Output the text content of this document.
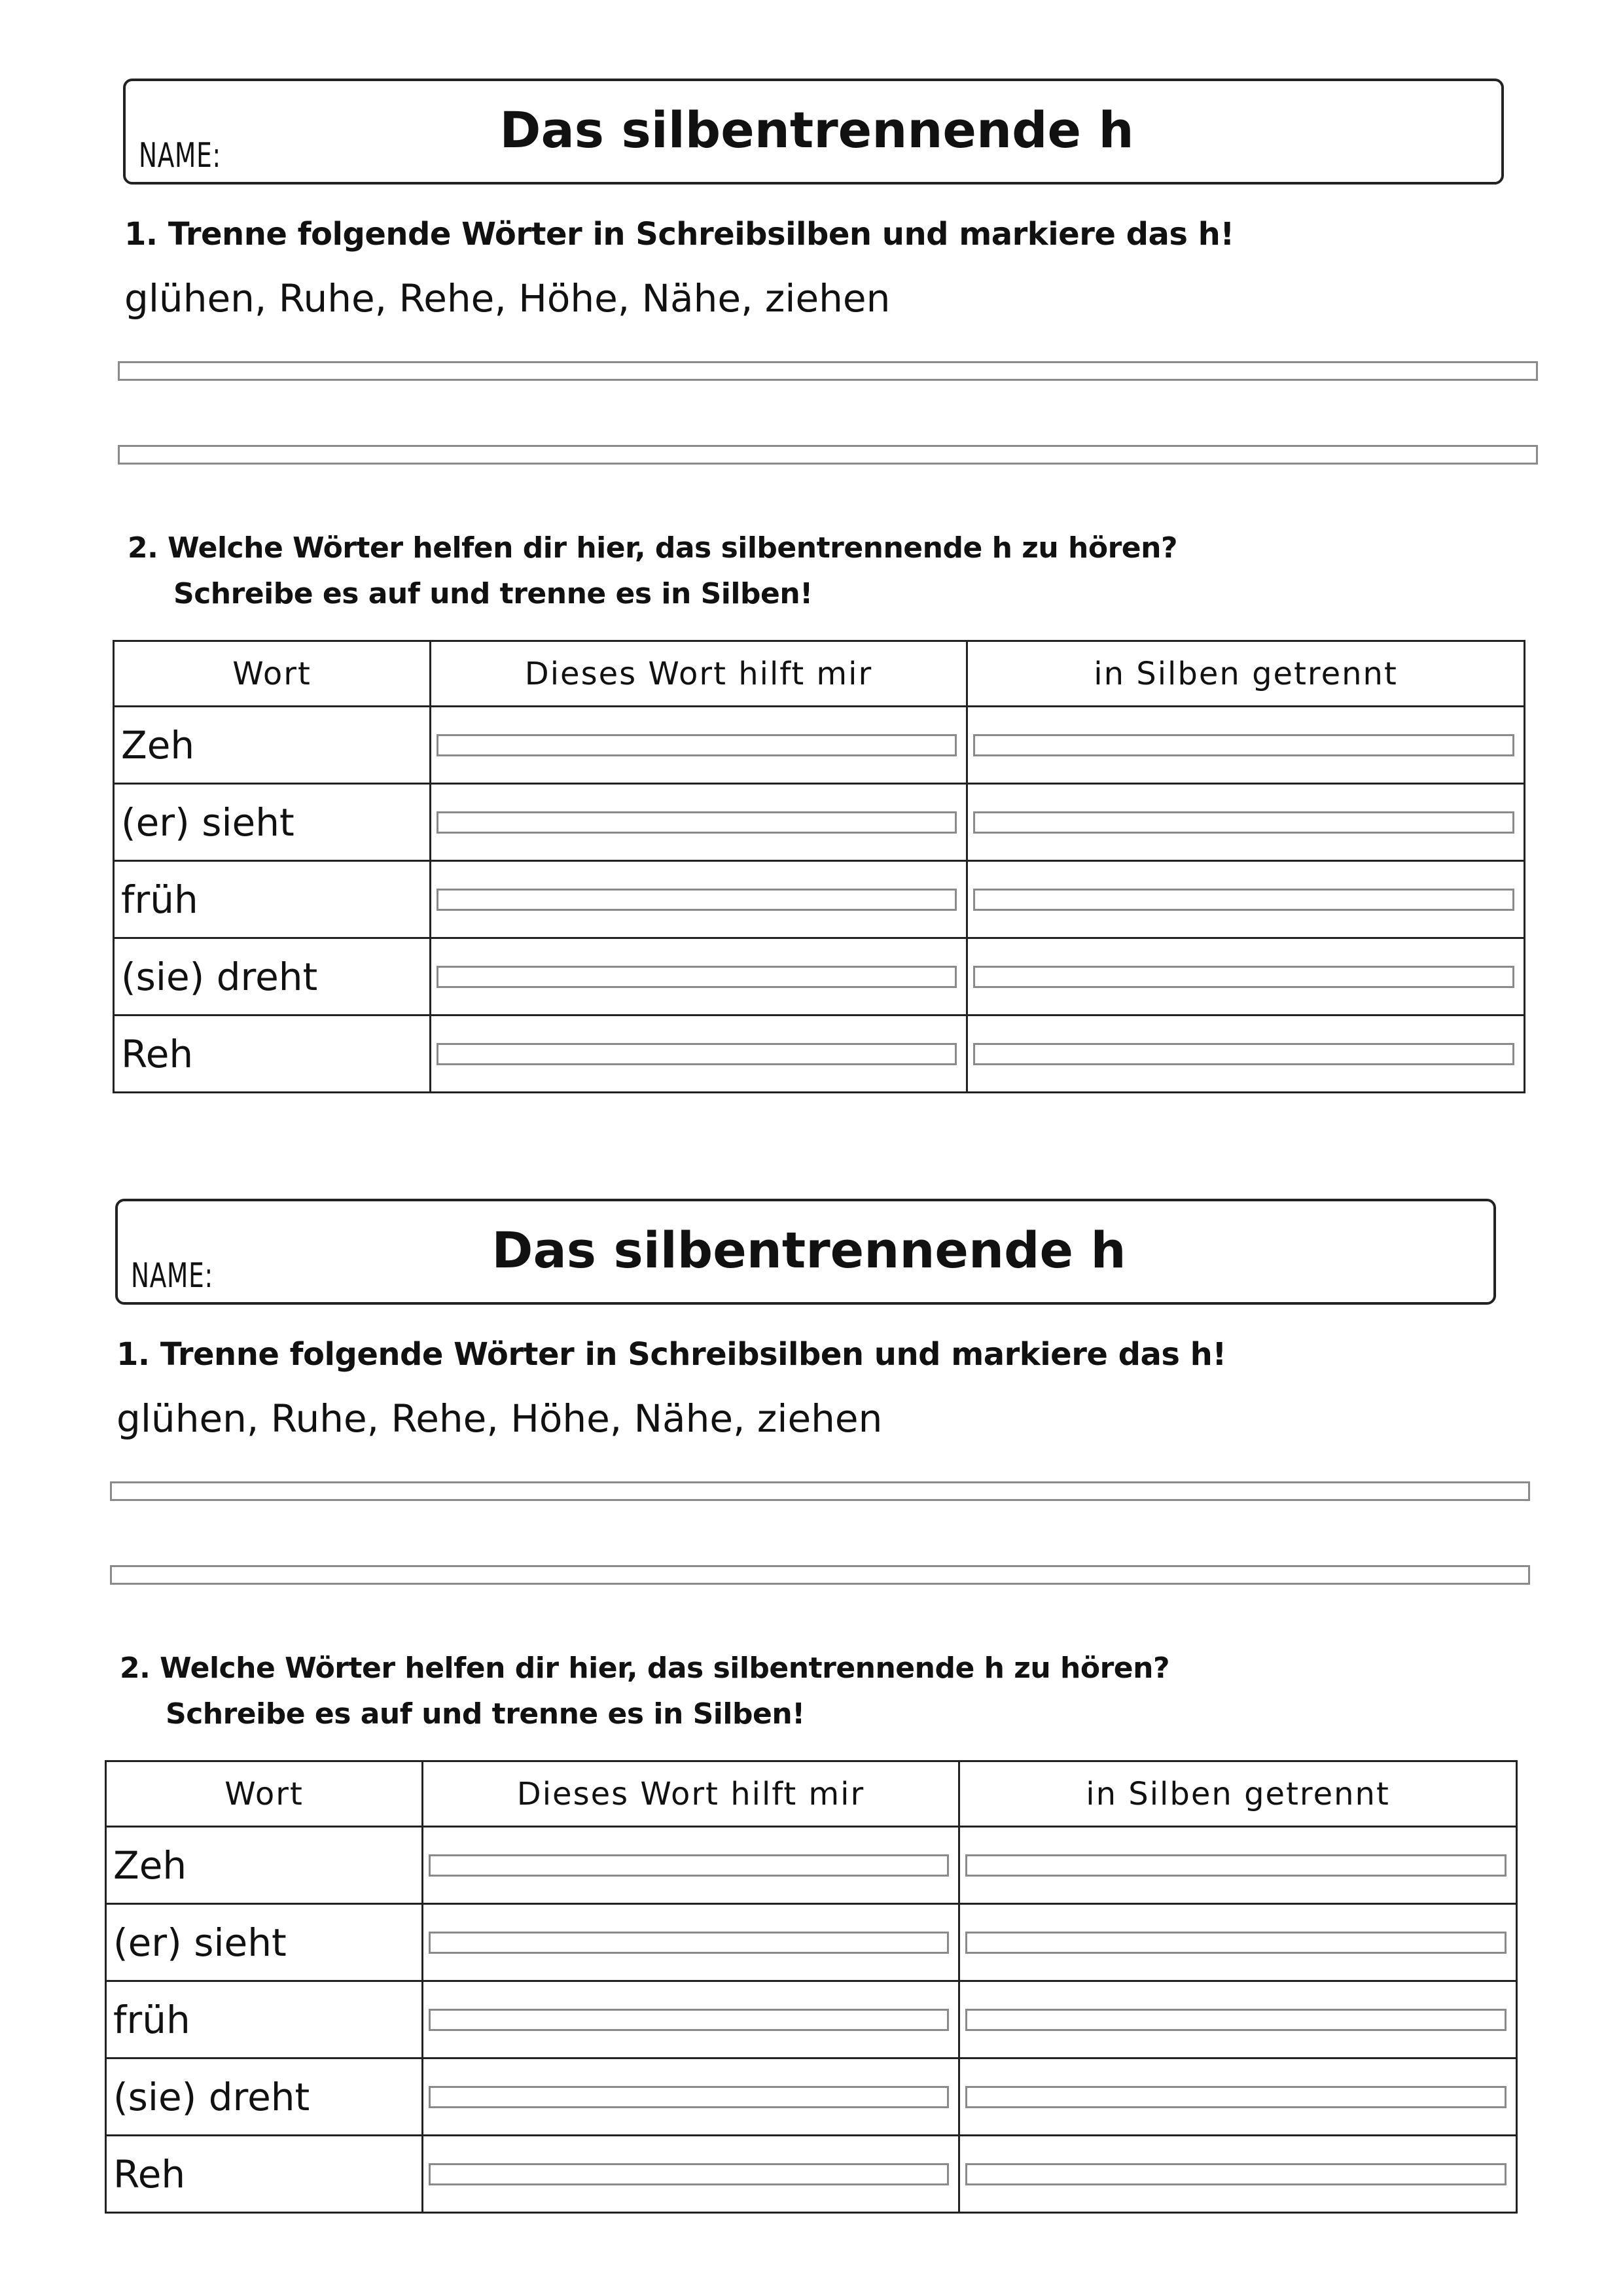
NAME:	Das silbentrennende h
1. Trenne folgende Wörter in Schreibsilben und markiere das h!
glühen, Ruhe, Rehe, Höhe, Nähe, ziehen
2. Welche Wörter helfen dir hier, das silbentrennende h zu hören?
Schreibe es auf und trenne es in Silben!
Wort	Dieses Wort hilft mir	in Silben getrennt
Zeh	

(er) sieht	

früh	

(sie) dreht	

Reh	

NAME:	Das silbentrennende h
1. Trenne folgende Wörter in Schreibsilben und markiere das h!
glühen, Ruhe, Rehe, Höhe, Nähe, ziehen
2. Welche Wörter helfen dir hier, das silbentrennende h zu hören?
Schreibe es auf und trenne es in Silben!
Wort	Dieses Wort hilft mir	in Silben getrennt
Zeh	

(er) sieht	

früh	

(sie) dreht	

Reh	
